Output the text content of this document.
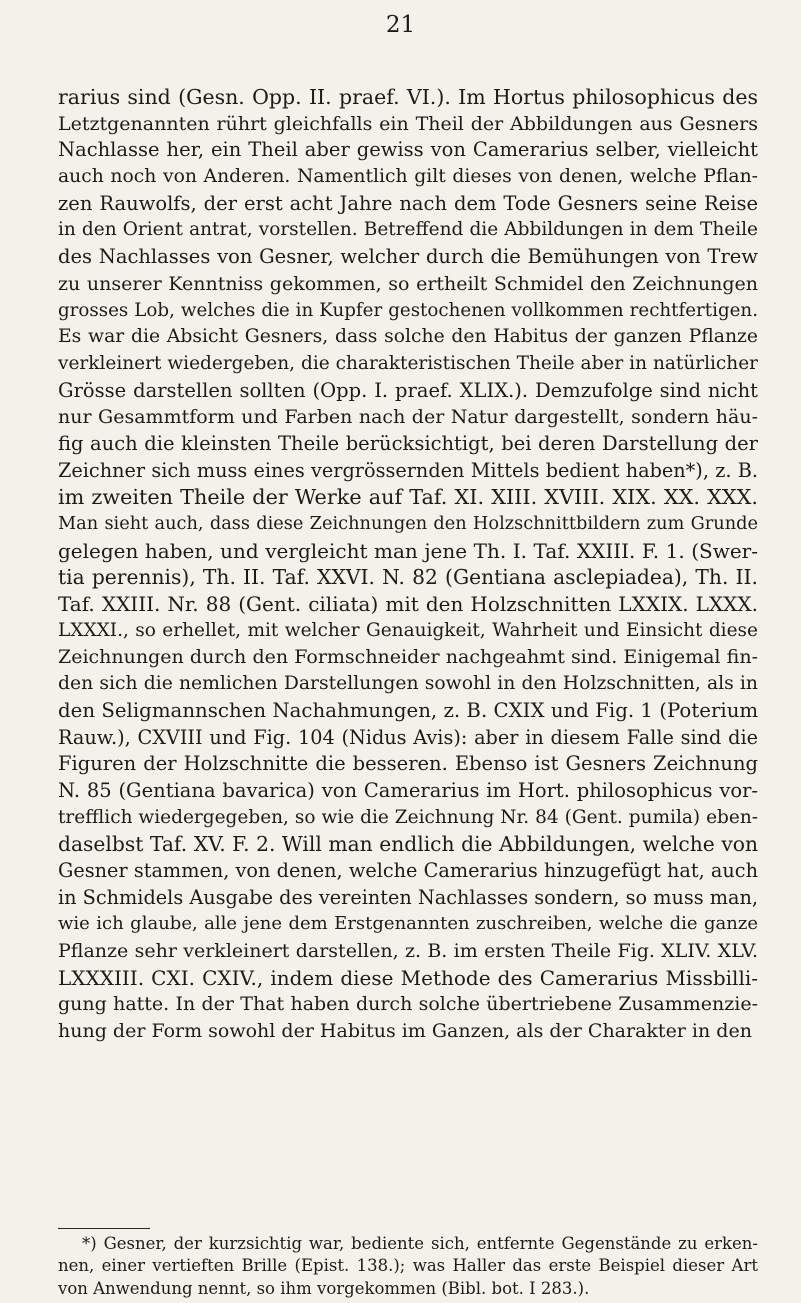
21
rarius sind (Gesn. Opp. II. praef. VI.). Im Hortus philosophicus des
Letztgenannten rührt gleichfalls ein Theil der Abbildungen aus Gesners
Nachlasse her, ein Theil aber gewiss von Camerarius selber, vielleicht
auch noch von Anderen. Namentlich gilt dieses von denen, welche Pflan-
zen Rauwolfs, der erst acht Jahre nach dem Tode Gesners seine Reise
in den Orient antrat, vorstellen. Betreffend die Abbildungen in dem Theile
des Nachlasses von Gesner, welcher durch die Bemühungen von Trew
zu unserer Kenntniss gekommen, so ertheilt Schmidel den Zeichnungen
grosses Lob, welches die in Kupfer gestochenen vollkommen rechtfertigen.
Es war die Absicht Gesners, dass solche den Habitus der ganzen Pflanze
verkleinert wiedergeben, die charakteristischen Theile aber in natürlicher
Grösse darstellen sollten (Opp. I. praef. XLIX.). Demzufolge sind nicht
nur Gesammtform und Farben nach der Natur dargestellt, sondern häu-
fig auch die kleinsten Theile berücksichtigt, bei deren Darstellung der
Zeichner sich muss eines vergrössernden Mittels bedient haben*), z. B.
im zweiten Theile der Werke auf Taf. XI. XIII. XVIII. XIX. XX. XXX.
Man sieht auch, dass diese Zeichnungen den Holzschnittbildern zum Grunde
gelegen haben, und vergleicht man jene Th. I. Taf. XXIII. F. 1. (Swer-
tia perennis), Th. II. Taf. XXVI. N. 82 (Gentiana asclepiadea), Th. II.
Taf. XXIII. Nr. 88 (Gent. ciliata) mit den Holzschnitten LXXIX. LXXX.
LXXXI., so erhellet, mit welcher Genauigkeit, Wahrheit und Einsicht diese
Zeichnungen durch den Formschneider nachgeahmt sind. Einigemal fin-
den sich die nemlichen Darstellungen sowohl in den Holzschnitten, als in
den Seligmannschen Nachahmungen, z. B. CXIX und Fig. 1 (Poterium
Rauw.), CXVIII und Fig. 104 (Nidus Avis): aber in diesem Falle sind die
Figuren der Holzschnitte die besseren. Ebenso ist Gesners Zeichnung
N. 85 (Gentiana bavarica) von Camerarius im Hort. philosophicus vor-
trefflich wiedergegeben, so wie die Zeichnung Nr. 84 (Gent. pumila) eben-
daselbst Taf. XV. F. 2. Will man endlich die Abbildungen, welche von
Gesner stammen, von denen, welche Camerarius hinzugefügt hat, auch
in Schmidels Ausgabe des vereinten Nachlasses sondern, so muss man,
wie ich glaube, alle jene dem Erstgenannten zuschreiben, welche die ganze
Pflanze sehr verkleinert darstellen, z. B. im ersten Theile Fig. XLIV. XLV.
LXXXIII. CXI. CXIV., indem diese Methode des Camerarius Missbilli-
gung hatte. In der That haben durch solche übertriebene Zusammenzie-
hung der Form sowohl der Habitus im Ganzen, als der Charakter in den
*) Gesner, der kurzsichtig war, bediente sich, entfernte Gegenstände zu erken-
nen, einer vertieften Brille (Epist. 138.); was Haller das erste Beispiel dieser Art
von Anwendung nennt, so ihm vorgekommen (Bibl. bot. I 283.).
